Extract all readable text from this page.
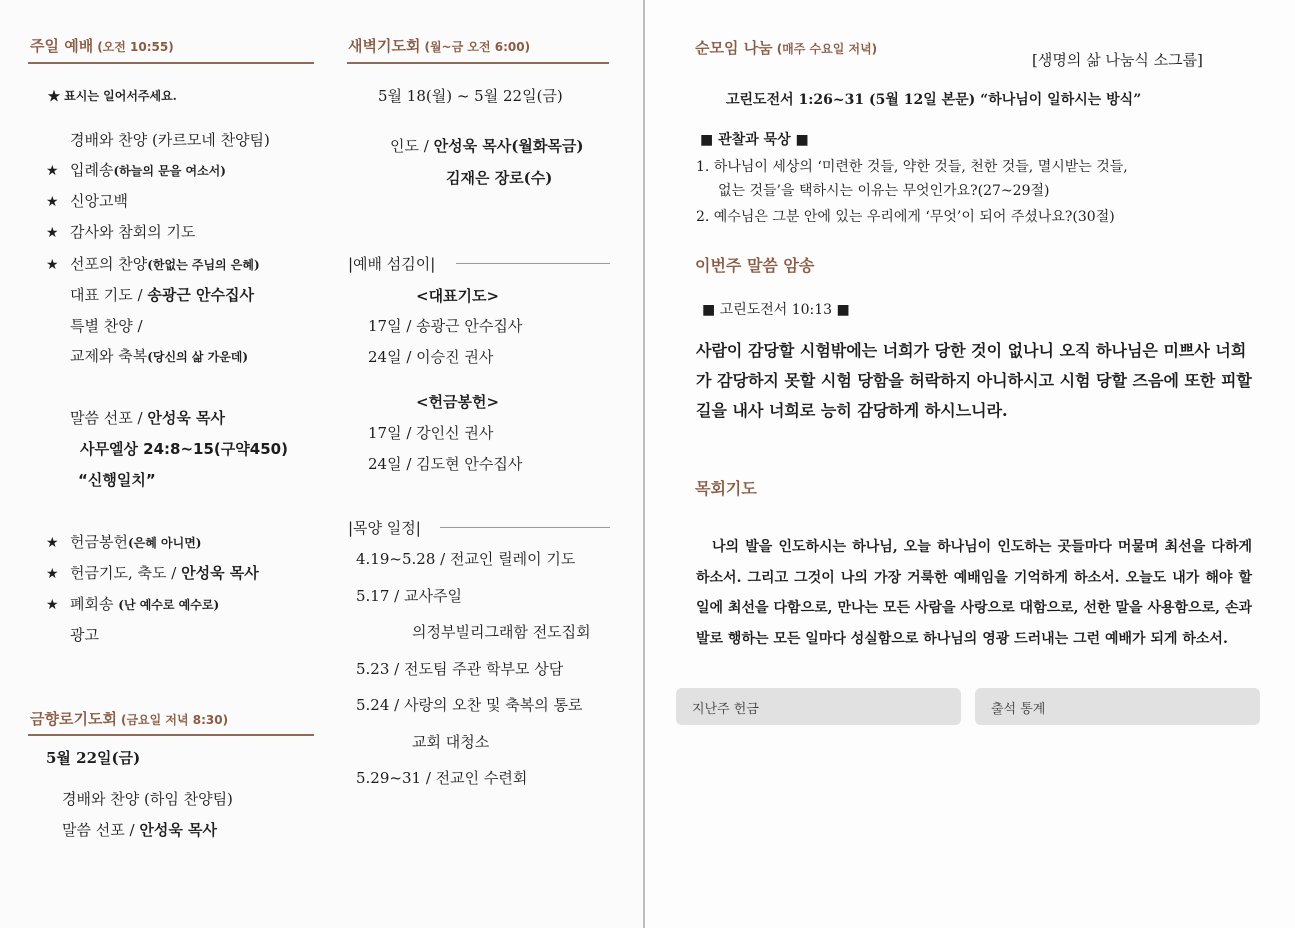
주일 예배 (오전 10:55)
★ 표시는 일어서주세요.
경배와 찬양 (카르모네 찬양팀)
★ 입례송(하늘의 문을 여소서)
★ 신앙고백
★ 감사와 참회의 기도
★ 선포의 찬양(한없는 주님의 은혜)
대표 기도 / 송광근 안수집사
특별 찬양 /
교제와 축복(당신의 삶 가운데)
말씀 선포 / 안성욱 목사
사무엘상 24:8~15(구약450)
“신행일치”
★ 헌금봉헌(은혜 아니면)
★ 헌금기도, 축도 / 안성욱 목사
★ 폐회송 (난 예수로 예수로)
광고
금향로기도회 (금요일 저녁 8:30)
5월 22일(금)
경배와 찬양 (하임 찬양팀)
말씀 선포 / 안성욱 목사
새벽기도회 (월~금 오전 6:00)
5월 18(월) ~ 5월 22일(금)
인도 / 안성욱 목사(월화목금)
김재은 장로(수)
|예배 섬김이|
<대표기도>
17일 / 송광근 안수집사
24일 / 이승진 권사
<헌금봉헌>
17일 / 강인신 권사
24일 / 김도현 안수집사
|목양 일정|
4.19~5.28 / 전교인 릴레이 기도
5.17 / 교사주일
의정부빌리그래함 전도집회
5.23 / 전도팀 주관 학부모 상담
5.24 / 사랑의 오찬 및 축복의 통로
교회 대청소
5.29~31 / 전교인 수련회
순모임 나눔 (매주 수요일 저녁)
[생명의 삶 나눔식 소그룹]
고린도전서 1:26~31 (5월 12일 본문) “하나님이 일하시는 방식”
■ 관찰과 묵상 ■
1. 하나님이 세상의 ‘미련한 것들, 약한 것들, 천한 것들, 멸시받는 것들,
없는 것들’을 택하시는 이유는 무엇인가요?(27~29절)
2. 예수님은 그분 안에 있는 우리에게 ‘무엇’이 되어 주셨나요?(30절)
이번주 말씀 암송
■ 고린도전서 10:13 ■
사람이 감당할 시험밖에는 너희가 당한 것이 없나니 오직 하나님은 미쁘사 너희가 감당하지 못할 시험 당함을 허락하지 아니하시고 시험 당할 즈음에 또한 피할 길을 내사 너희로 능히 감당하게 하시느니라.
목회기도
나의 발을 인도하시는 하나님, 오늘 하나님이 인도하는 곳들마다 머물며 최선을 다하게 하소서. 그리고 그것이 나의 가장 거룩한 예배임을 기억하게 하소서. 오늘도 내가 해야 할 일에 최선을 다함으로, 만나는 모든 사람을 사랑으로 대함으로, 선한 말을 사용함으로, 손과 발로 행하는 모든 일마다 성실함으로 하나님의 영광 드러내는 그런 예배가 되게 하소서.
지난주 헌금	출석 통계
